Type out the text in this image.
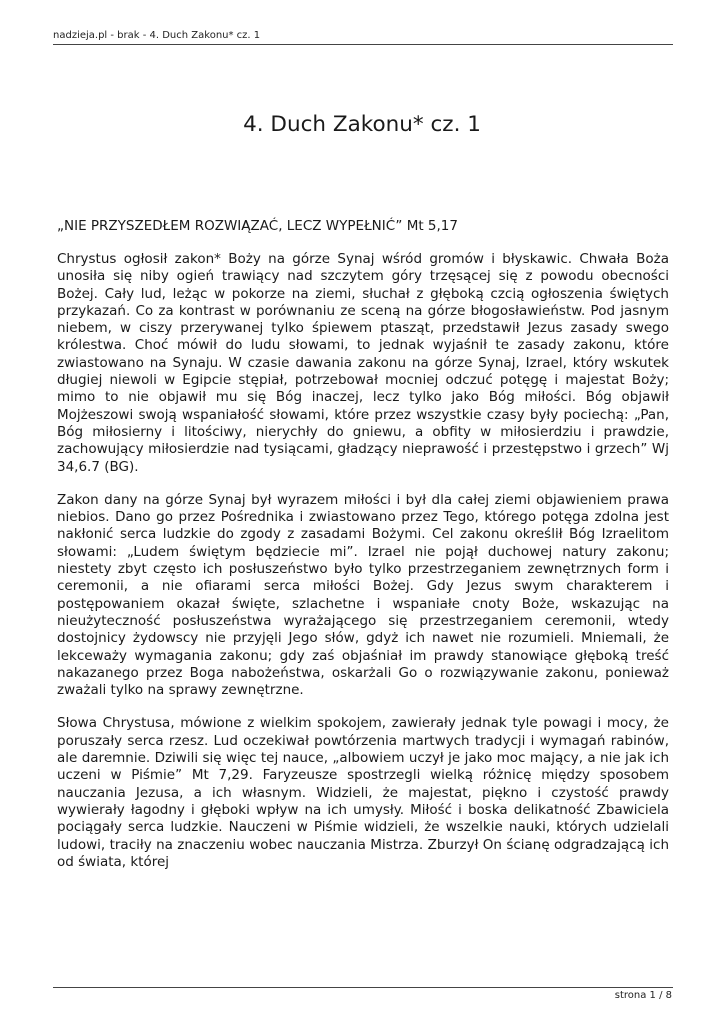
nadzieja.pl - brak - 4. Duch Zakonu* cz. 1
4. Duch Zakonu* cz. 1

„NIE PRZYSZEDŁEM ROZWIĄZAĆ, LECZ WYPEŁNIĆ” Mt 5,17

Chrystus ogłosił zakon* Boży na górze Synaj wśród gromów i błyskawic. Chwała Boża unosiła się niby ogień trawiący nad szczytem góry trzęsącej się z powodu obecności Bożej. Cały lud, leżąc w pokorze na ziemi, słuchał z głęboką czcią ogłoszenia świętych przykazań. Co za kontrast w porównaniu ze sceną na górze błogosławieństw. Pod jasnym niebem, w ciszy przerywanej tylko śpiewem ptasząt, przedstawił Jezus zasady swego królestwa. Choć mówił do ludu słowami, to jednak wyjaśnił te zasady zakonu, które zwiastowano na Synaju. W czasie dawania zakonu na górze Synaj, Izrael, który wskutek długiej niewoli w Egipcie stępiał, potrzebował mocniej odczuć potęgę i majestat Boży; mimo to nie objawił mu się Bóg inaczej, lecz tylko jako Bóg miłości. Bóg objawił Mojżeszowi swoją wspaniałość słowami, które przez wszystkie czasy były pociechą: „Pan, Bóg miłosierny i litościwy, nierychły do gniewu, a obfity w miłosierdziu i prawdzie, zachowujący miłosierdzie nad tysiącami, gładzący nieprawość i przestępstwo i grzech” Wj 34,6.7 (BG).

Zakon dany na górze Synaj był wyrazem miłości i był dla całej ziemi objawieniem prawa niebios. Dano go przez Pośrednika i zwiastowano przez Tego, którego potęga zdolna jest nakłonić serca ludzkie do zgody z zasadami Bożymi. Cel zakonu określił Bóg Izraelitom słowami: „Ludem świętym będziecie mi”. Izrael nie pojął duchowej natury zakonu; niestety zbyt często ich posłuszeństwo było tylko przestrzeganiem zewnętrznych form i ceremonii, a nie ofiarami serca miłości Bożej. Gdy Jezus swym charakterem i postępowaniem okazał święte, szlachetne i wspaniałe cnoty Boże, wskazując na nieużyteczność posłuszeństwa wyrażającego się przestrzeganiem ceremonii, wtedy dostojnicy żydowscy nie przyjęli Jego słów, gdyż ich nawet nie rozumieli. Mniemali, że lekceważy wymagania zakonu; gdy zaś objaśniał im prawdy stanowiące głęboką treść nakazanego przez Boga nabożeństwa, oskarżali Go o rozwiązywanie zakonu, ponieważ zważali tylko na sprawy zewnętrzne.

Słowa Chrystusa, mówione z wielkim spokojem, zawierały jednak tyle powagi i mocy, że poruszały serca rzesz. Lud oczekiwał powtórzenia martwych tradycji i wymagań rabinów, ale daremnie. Dziwili się więc tej nauce, „albowiem uczył je jako moc mający, a nie jak ich uczeni w Piśmie” Mt 7,29. Faryzeusze spostrzegli wielką różnicę między sposobem nauczania Jezusa, a ich własnym. Widzieli, że majestat, piękno i czystość prawdy wywierały łagodny i głęboki wpływ na ich umysły. Miłość i boska delikatność Zbawiciela pociągały serca ludzkie. Nauczeni w Piśmie widzieli, że wszelkie nauki, których udzielali ludowi, traciły na znaczeniu wobec nauczania Mistrza. Zburzył On ścianę odgradzającą ich od świata, której

strona 1 / 8
